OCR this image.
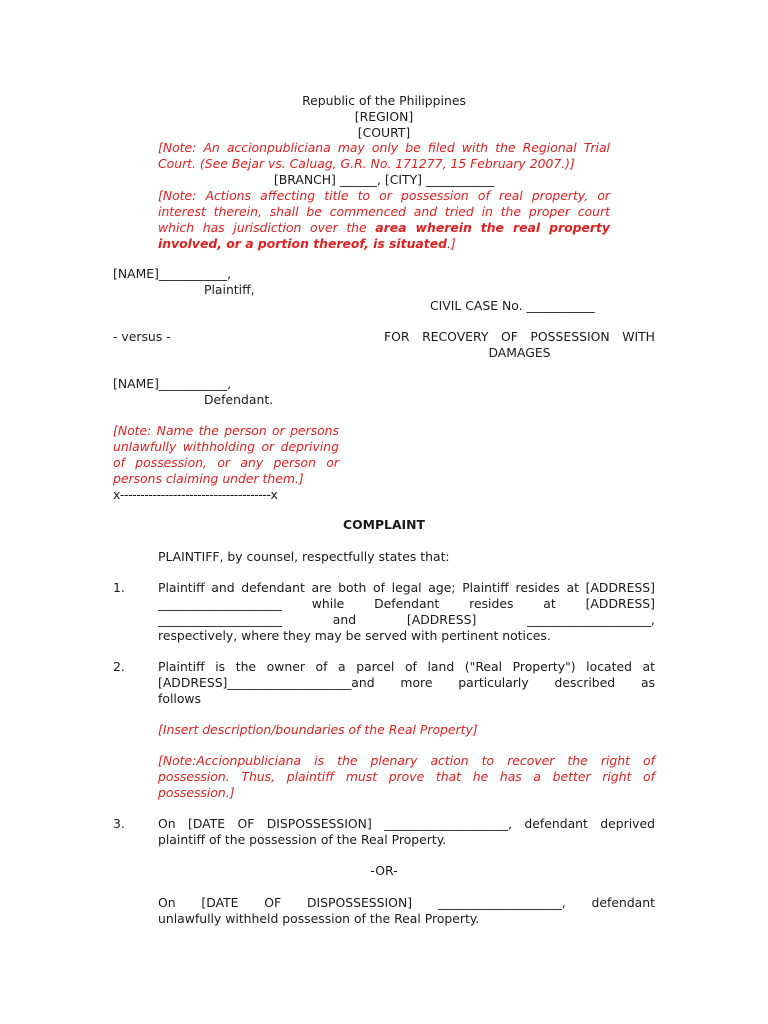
Republic of the Philippines
[REGION]
[COURT]
[Note: An accionpubliciana may only be filed with the Regional Trial
Court. (See Bejar vs. Caluag, G.R. No. 171277, 15 February 2007.)]
[BRANCH] ______, [CITY] ___________
[Note: Actions affecting title to or possession of real property, or
interest therein, shall be commenced and tried in the proper court
which has jurisdiction over the area wherein the real property
involved, or a portion thereof, is situated.]
[NAME]___________,
Plaintiff,
CIVIL CASE No. ___________
- versus -	FOR RECOVERY OF POSSESSION WITH
DAMAGES
[NAME]___________,
Defendant.
[Note: Name the person or persons
unlawfully withholding or depriving
of possession, or any person or
persons claiming under them.]
x-------------------------------------x
COMPLAINT
PLAINTIFF, by counsel, respectfully states that:
1.	Plaintiff and defendant are both of legal age; Plaintiff resides at [ADDRESS]
____________________ while Defendant resides at [ADDRESS]
____________________ and [ADDRESS] ____________________,
respectively, where they may be served with pertinent notices.
2.	Plaintiff is the owner of a parcel of land ("Real Property") located at
[ADDRESS]____________________and more particularly described as
follows
[Insert description/boundaries of the Real Property]
[Note:Accionpubliciana is the plenary action to recover the right of
possession. Thus, plaintiff must prove that he has a better right of
possession.]
3.	On [DATE OF DISPOSSESSION] ____________________, defendant deprived
plaintiff of the possession of the Real Property.
-OR-
On [DATE OF DISPOSSESSION] ____________________, defendant
unlawfully withheld possession of the Real Property.
